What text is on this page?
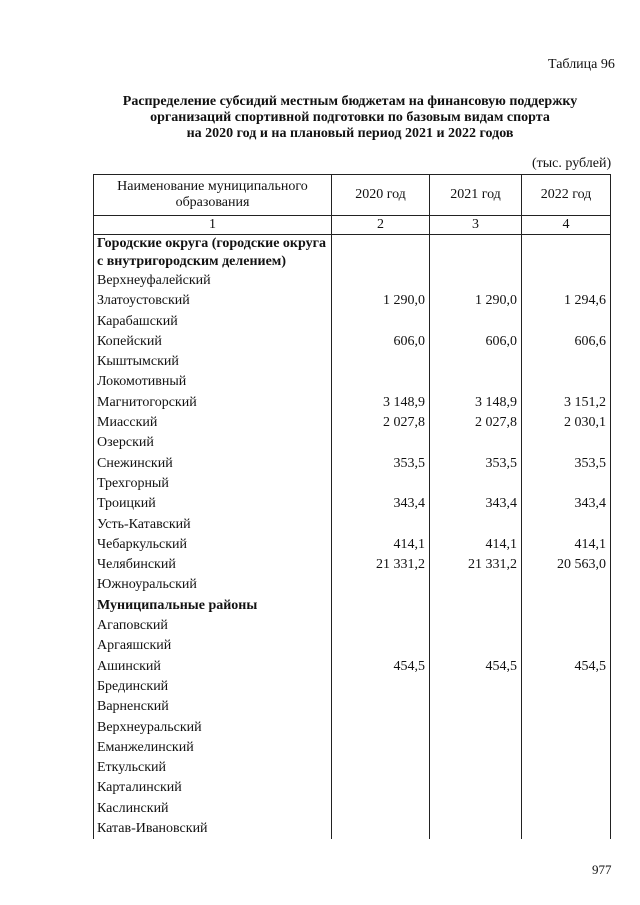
Таблица 96
Распределение субсидий местным бюджетам на финансовую поддержку
организаций спортивной подготовки по базовым видам спорта
на 2020 год и на плановый период 2021 и 2022 годов
(тыс. рублей)
Наименование муниципального образования	2020 год	2021 год	2022 год
1	2	3	4
Городские округа (городские округа с внутригородским делением)			
Верхнеуфалейский			
Златоустовский	1 290,0	1 290,0	1 294,6
Карабашский			
Копейский	606,0	606,0	606,6
Кыштымский			
Локомотивный			
Магнитогорский	3 148,9	3 148,9	3 151,2
Миасский	2 027,8	2 027,8	2 030,1
Озерский			
Снежинский	353,5	353,5	353,5
Трехгорный			
Троицкий	343,4	343,4	343,4
Усть-Катавский			
Чебаркульский	414,1	414,1	414,1
Челябинский	21 331,2	21 331,2	20 563,0
Южноуральский			
Муниципальные районы			
Агаповский			
Аргаяшский			
Ашинский	454,5	454,5	454,5
Брединский			
Варненский			
Верхнеуральский			
Еманжелинский			
Еткульский			
Карталинский			
Каслинский			
Катав-Ивановский			
977
